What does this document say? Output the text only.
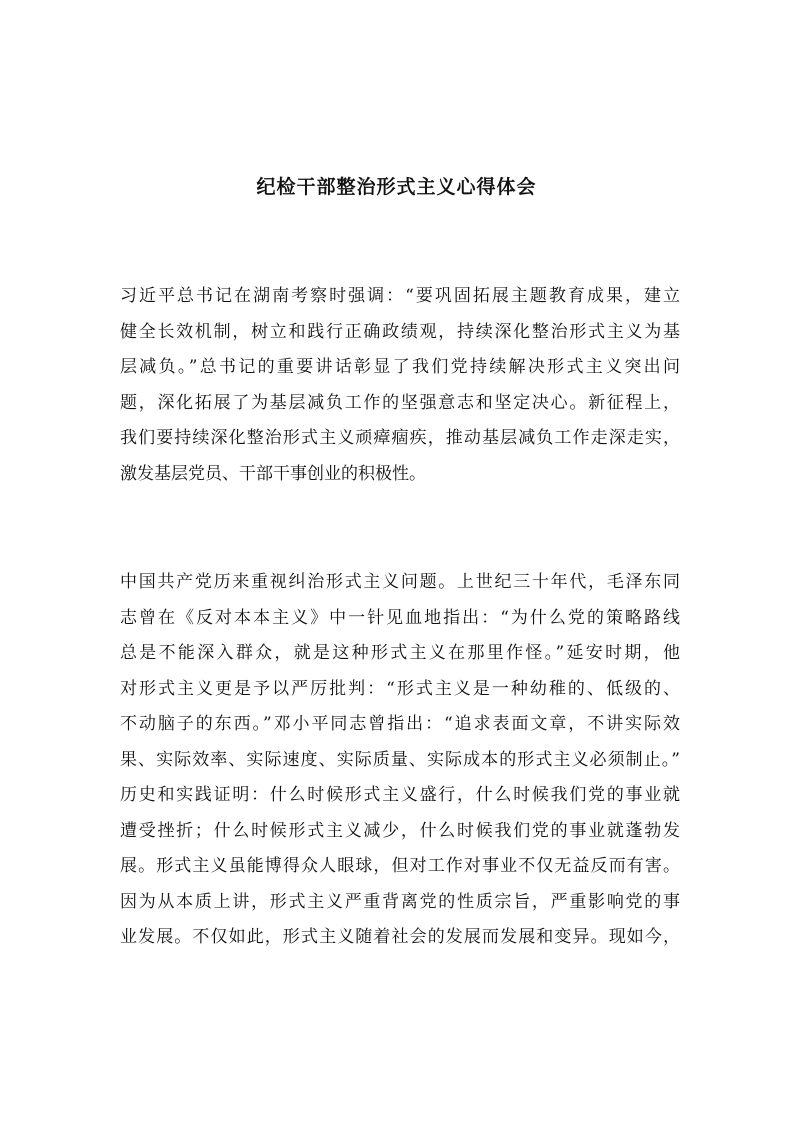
纪检干部整治形式主义心得体会
习近平总书记在湖南考察时强调：“要巩固拓展主题教育成果，建立
健全长效机制，树立和践行正确政绩观，持续深化整治形式主义为基
层减负。”总书记的重要讲话彰显了我们党持续解决形式主义突出问
题，深化拓展了为基层减负工作的坚强意志和坚定决心。新征程上，
我们要持续深化整治形式主义顽瘴痼疾，推动基层减负工作走深走实，
激发基层党员、干部干事创业的积极性。
中国共产党历来重视纠治形式主义问题。上世纪三十年代，毛泽东同
志曾在《反对本本主义》中一针见血地指出：“为什么党的策略路线
总是不能深入群众，就是这种形式主义在那里作怪。”延安时期，他
对形式主义更是予以严厉批判：“形式主义是一种幼稚的、低级的、
不动脑子的东西。”邓小平同志曾指出：“追求表面文章，不讲实际效
果、实际效率、实际速度、实际质量、实际成本的形式主义必须制止。”
历史和实践证明：什么时候形式主义盛行，什么时候我们党的事业就
遭受挫折；什么时候形式主义减少，什么时候我们党的事业就蓬勃发
展。形式主义虽能博得众人眼球，但对工作对事业不仅无益反而有害。
因为从本质上讲，形式主义严重背离党的性质宗旨，严重影响党的事
业发展。不仅如此，形式主义随着社会的发展而发展和变异。现如今，
